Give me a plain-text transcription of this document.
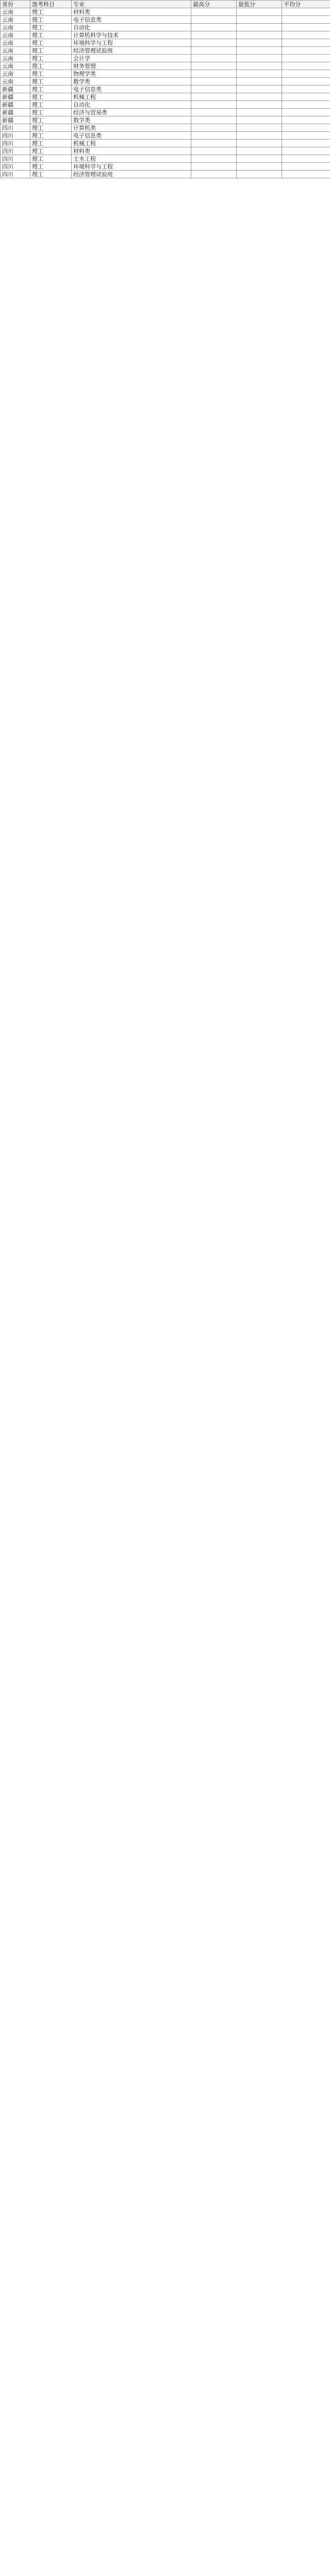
省份	选考科目	专业	最高分	最低分	平均分
云南	理工	材料类			
云南	理工	电子信息类			
云南	理工	自动化			
云南	理工	计算机科学与技术			
云南	理工	环境科学与工程			
云南	理工	经济管理试验班			
云南	理工	会计学			
云南	理工	财务管理			
云南	理工	物理学类			
云南	理工	数学类			
新疆	理工	电子信息类			
新疆	理工	机械工程			
新疆	理工	自动化			
新疆	理工	经济与贸易类			
新疆	理工	数学类			
四川	理工	计算机类			
四川	理工	电子信息类			
四川	理工	机械工程			
四川	理工	材料类			
四川	理工	土木工程			
四川	理工	环境科学与工程			
四川	理工	经济管理试验班			
